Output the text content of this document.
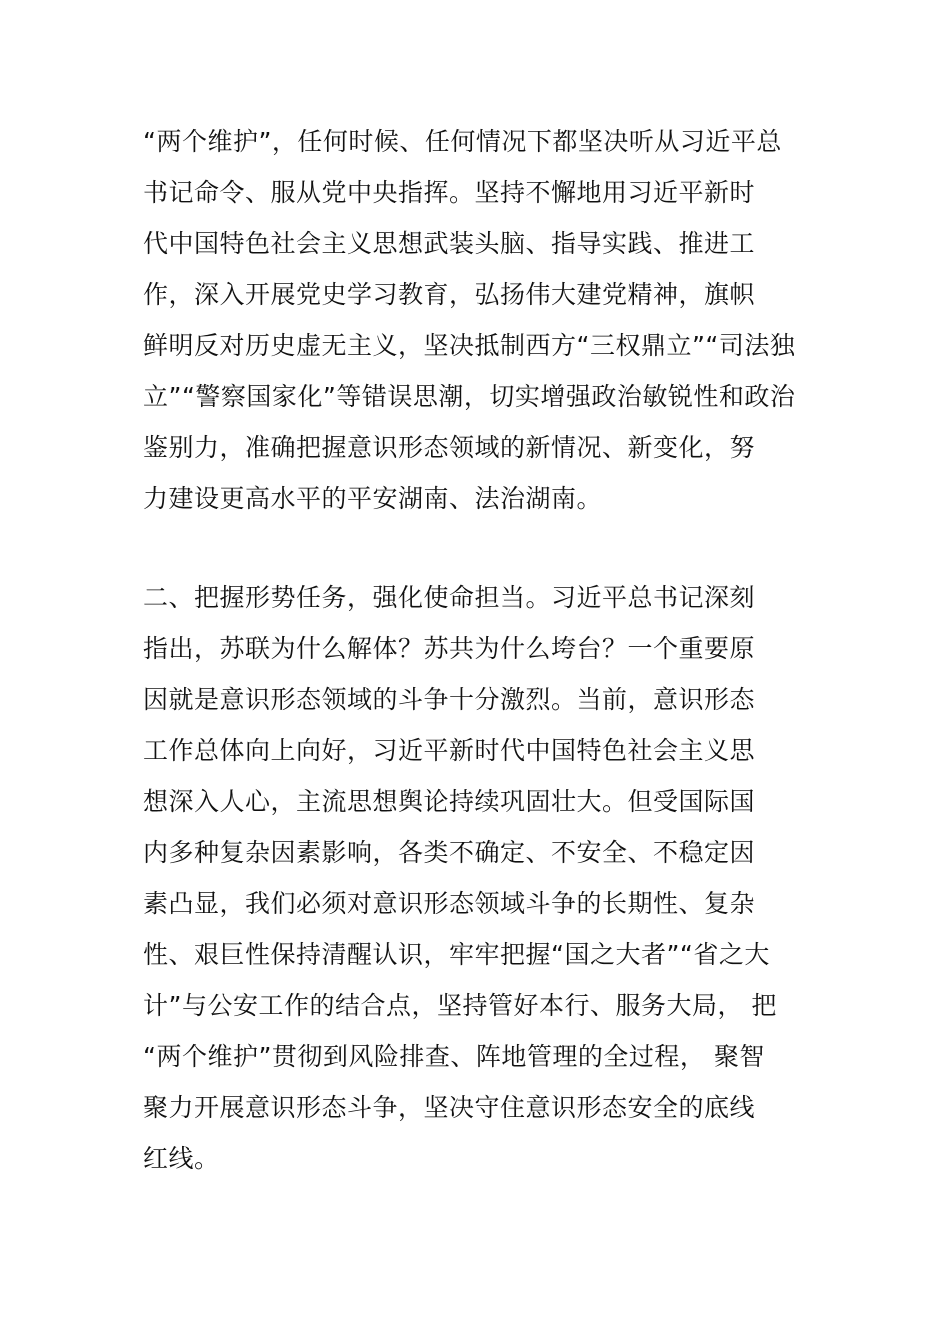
“两个维护”，任何时候、任何情况下都坚决听从习近平总
书记命令、服从党中央指挥。坚持不懈地用习近平新时
代中国特色社会主义思想武装头脑、指导实践、推进工
作，深入开展党史学习教育，弘扬伟大建党精神，旗帜
鲜明反对历史虚无主义，坚决抵制西方“三权鼎立”“司法独
立”“警察国家化”等错误思潮，切实增强政治敏锐性和政治
鉴别力，准确把握意识形态领域的新情况、新变化，努
力建设更高水平的平安湖南、法治湖南。
二、把握形势任务，强化使命担当。习近平总书记深刻
指出，苏联为什么解体？苏共为什么垮台？一个重要原
因就是意识形态领域的斗争十分激烈。当前，意识形态
工作总体向上向好，习近平新时代中国特色社会主义思
想深入人心，主流思想舆论持续巩固壮大。但受国际国
内多种复杂因素影响，各类不确定、不安全、不稳定因
素凸显，我们必须对意识形态领域斗争的长期性、复杂
性、艰巨性保持清醒认识，牢牢把握“国之大者”“省之大
计”与公安工作的结合点，坚持管好本行、服务大局， 把
“两个维护”贯彻到风险排查、阵地管理的全过程， 聚智
聚力开展意识形态斗争，坚决守住意识形态安全的底线
红线。
